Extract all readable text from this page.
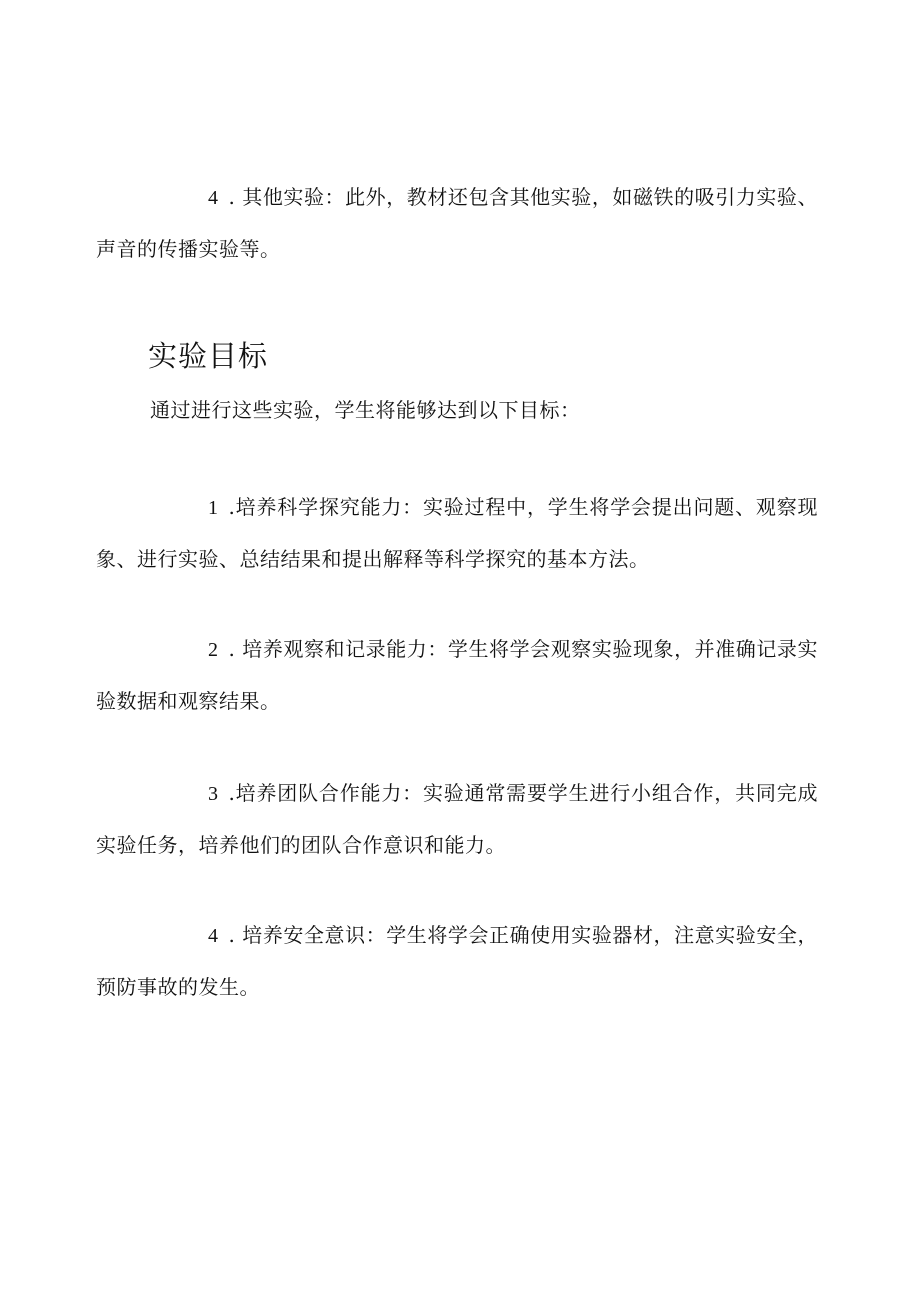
4 . 其他实验：此外，教材还包含其他实验，如磁铁的吸引力实验、声音的传播实验等。

实验目标

通过进行这些实验，学生将能够达到以下目标：

1 .培养科学探究能力：实验过程中，学生将学会提出问题、观察现象、进行实验、总结结果和提出解释等科学探究的基本方法。

2 . 培养观察和记录能力：学生将学会观察实验现象，并准确记录实验数据和观察结果。

3 .培养团队合作能力：实验通常需要学生进行小组合作，共同完成实验任务，培养他们的团队合作意识和能力。

4 . 培养安全意识：学生将学会正确使用实验器材，注意实验安全，预防事故的发生。
